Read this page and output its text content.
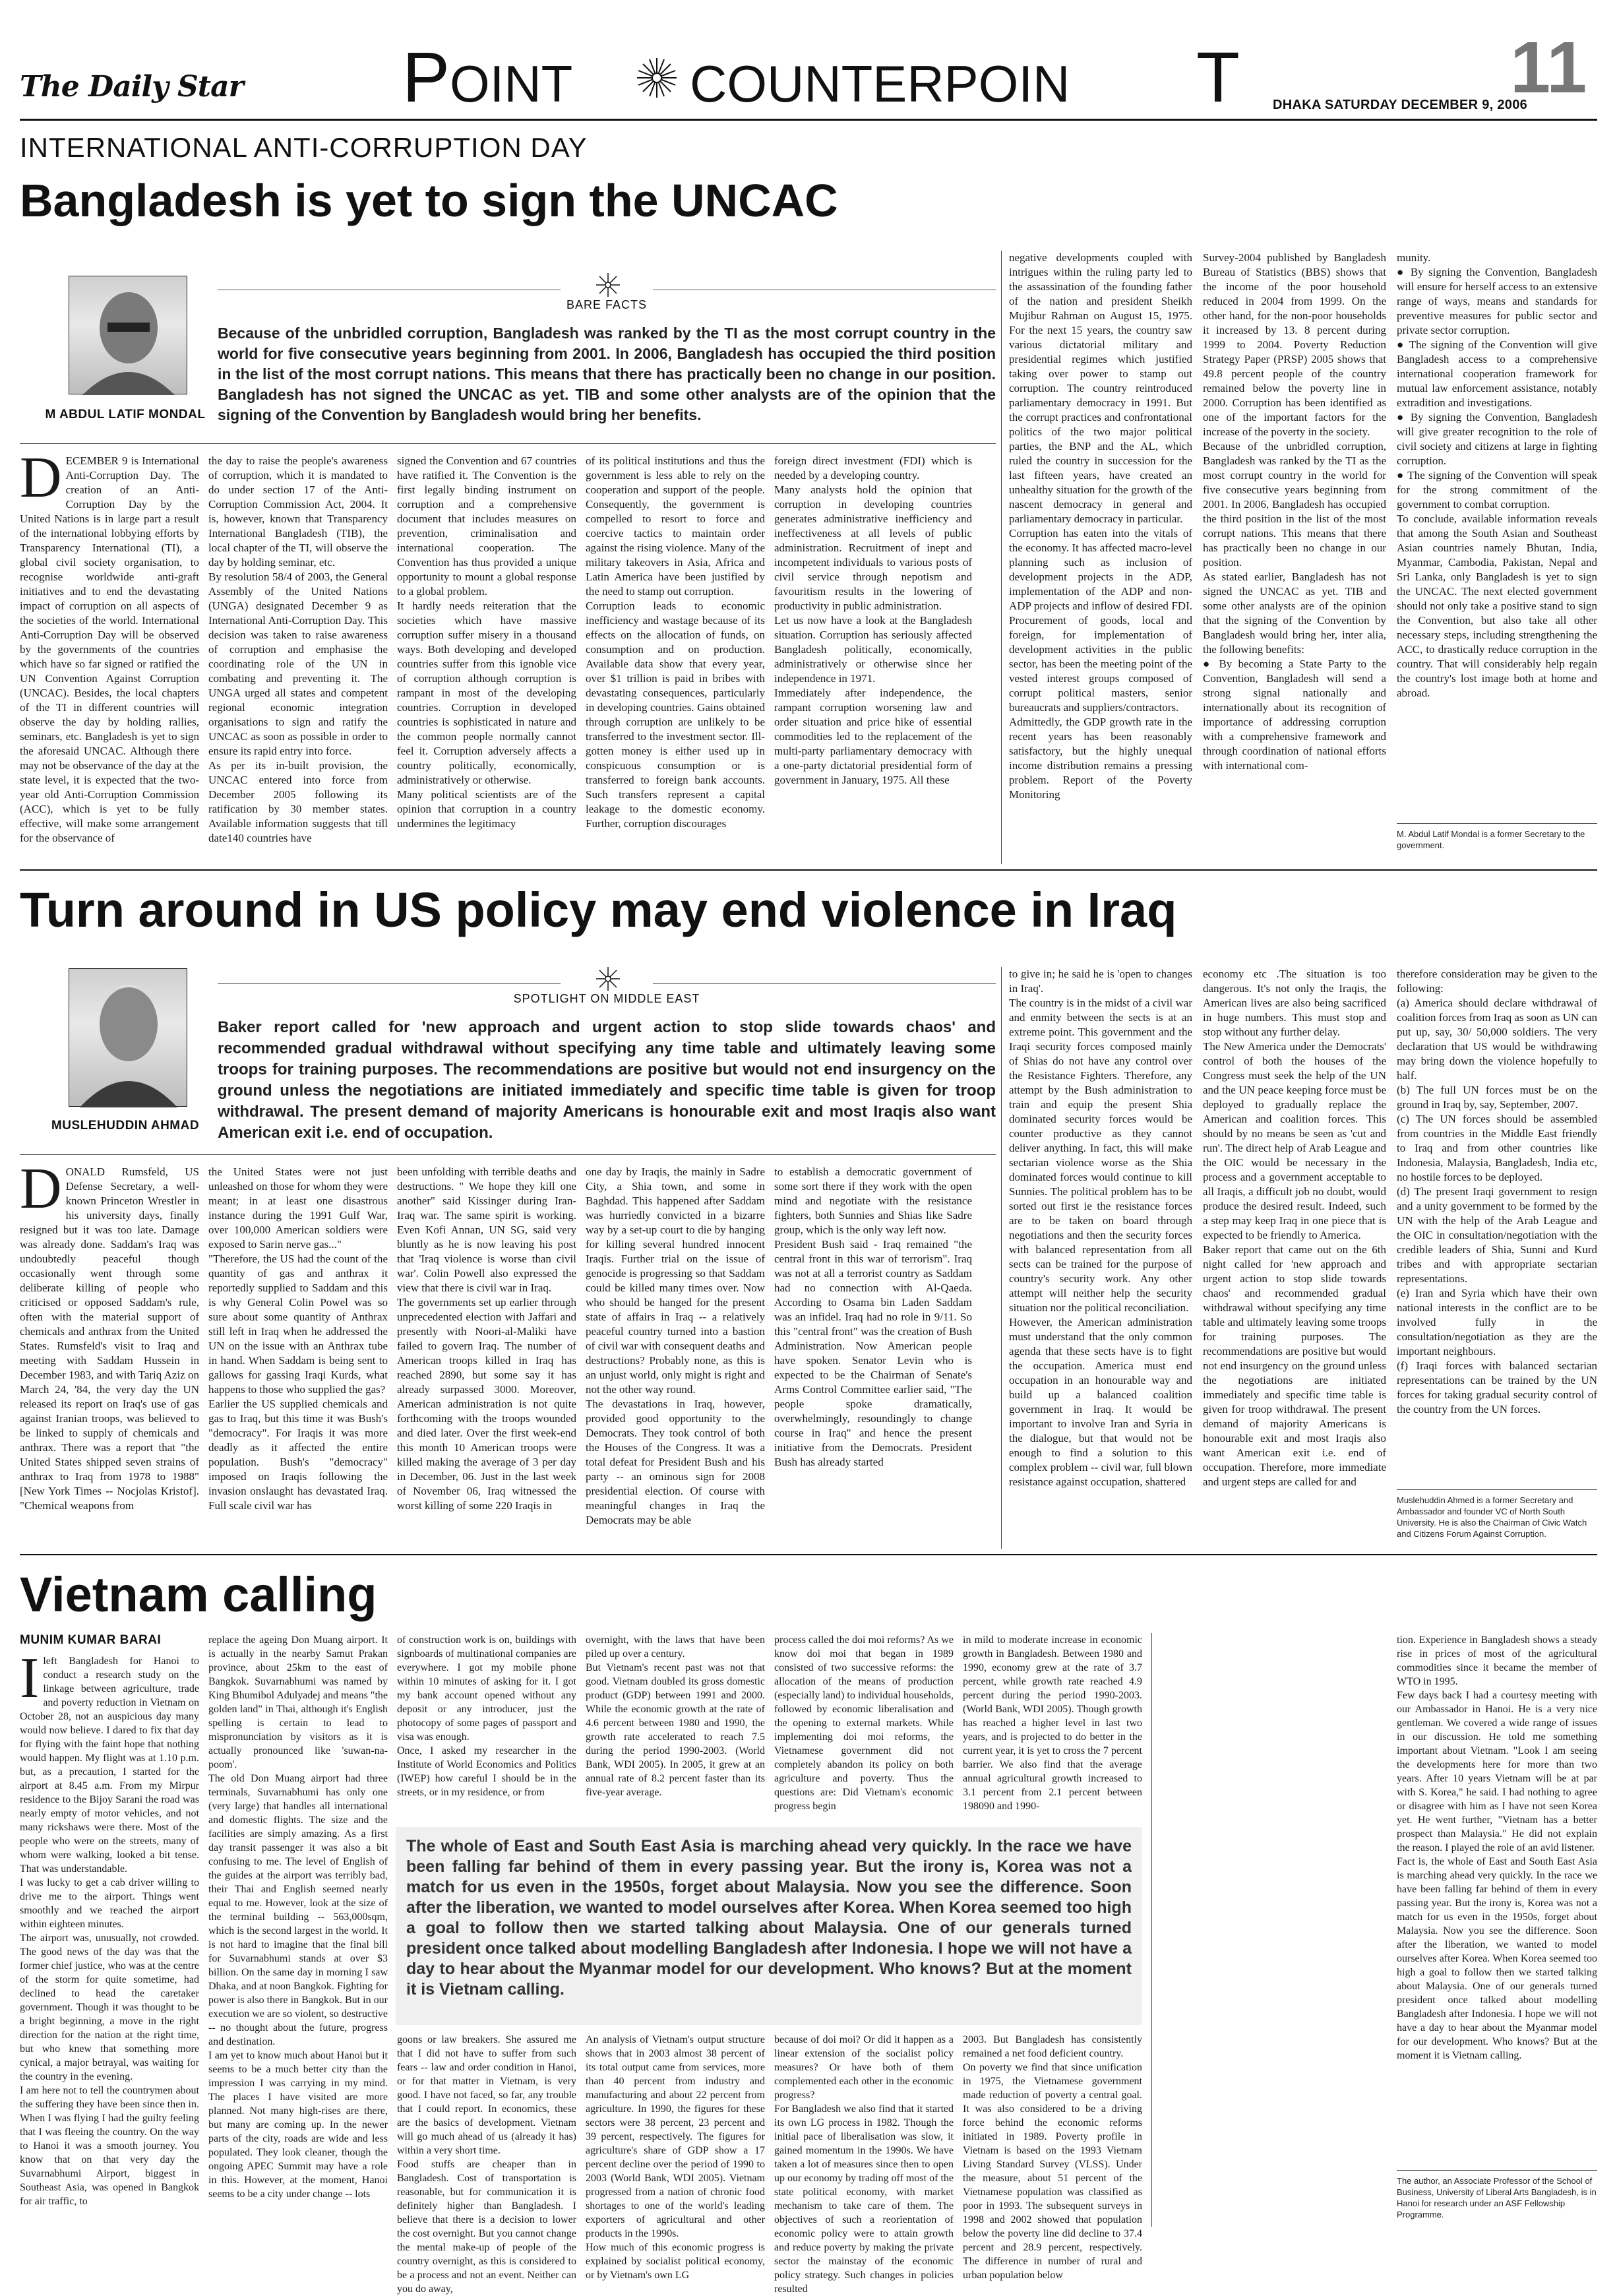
The Daily Star P OINT COUNTERPOIN T	DHAKA SATURDAY DECEMBER 9, 2006
11
INTERNATIONAL ANTI-CORRUPTION DAY
Bangladesh is yet to sign the UNCAC
M ABDUL LATIF MONDAL
BARE FACTS
Because of the unbridled corruption, Bangladesh was ranked by the TI as the most corrupt country in the world for five consecutive years beginning from 2001. In 2006, Bangladesh has occupied the third position in the list of the most corrupt nations. This means that there has practically been no change in our position. Bangladesh has not signed the UNCAC as yet. TIB and some other analysts are of the opinion that the signing of the Convention by Bangladesh would bring her benefits.
D ECEMBER 9 is International Anti-Corruption Day. The creation of an Anti-Corruption Day by the United Nations is in large part a result of the international lobbying efforts by Transparency International (TI), a global civil society organisation, to recognise worldwide anti-graft initiatives and to end the devastating impact of corruption on all aspects of the societies of the world. International Anti-Corruption Day will be observed by the governments of the countries which have so far signed or ratified the UN Convention Against Corruption (UNCAC). Besides, the local chapters of the TI in different countries will observe the day by holding rallies, seminars, etc. Bangladesh is yet to sign the aforesaid UNCAC. Although there may not be observance of the day at the state level, it is expected that the two-year old Anti-Corruption Commission (ACC), which is yet to be fully effective, will make some arrangement for the observance of
the day to raise the people's awareness of corruption, which it is mandated to do under section 17 of the Anti-Corruption Commission Act, 2004. It is, however, known that Transparency International Bangladesh (TIB), the local chapter of the TI, will observe the day by holding seminar, etc.
By resolution 58/4 of 2003, the General Assembly of the United Nations (UNGA) designated December 9 as International Anti-Corruption Day. This decision was taken to raise awareness of corruption and emphasise the coordinating role of the UN in combating and preventing it. The UNGA urged all states and competent regional economic integration organisations to sign and ratify the UNCAC as soon as possible in order to ensure its rapid entry into force.
As per its in-built provision, the UNCAC entered into force from December 2005 following its ratification by 30 member states. Available information suggests that till date140 countries have
signed the Convention and 67 countries have ratified it. The Convention is the first legally binding instrument on corruption and a comprehensive document that includes measures on prevention, criminalisation and international cooperation. The Convention has thus provided a unique opportunity to mount a global response to a global problem.
It hardly needs reiteration that the societies which have massive corruption suffer misery in a thousand ways. Both developing and developed countries suffer from this ignoble vice of corruption although corruption is rampant in most of the developing countries. Corruption in developed countries is sophisticated in nature and the common people normally cannot feel it. Corruption adversely affects a country politically, economically, administratively or otherwise.
Many political scientists are of the opinion that corruption in a country undermines the legitimacy
of its political institutions and thus the government is less able to rely on the cooperation and support of the people. Consequently, the government is compelled to resort to force and coercive tactics to maintain order against the rising violence. Many of the military takeovers in Asia, Africa and Latin America have been justified by the need to stamp out corruption.
Corruption leads to economic inefficiency and wastage because of its effects on the allocation of funds, on consumption and on production. Available data show that every year, over $1 trillion is paid in bribes with devastating consequences, particularly in developing countries. Gains obtained through corruption are unlikely to be transferred to the investment sector. Ill-gotten money is either used up in conspicuous consumption or is transferred to foreign bank accounts. Such transfers represent a capital leakage to the domestic economy. Further, corruption discourages
foreign direct investment (FDI) which is needed by a developing country.
Many analysts hold the opinion that corruption in developing countries generates administrative inefficiency and ineffectiveness at all levels of public administration. Recruitment of inept and incompetent individuals to various posts of civil service through nepotism and favouritism results in the lowering of productivity in public administration.
Let us now have a look at the Bangladesh situation. Corruption has seriously affected Bangladesh politically, economically, administratively or otherwise since her independence in 1971.
Immediately after independence, the rampant corruption worsening law and order situation and price hike of essential commodities led to the replacement of the multi-party parliamentary democracy with a one-party dictatorial presidential form of government in January, 1975. All these
negative developments coupled with intrigues within the ruling party led to the assassination of the founding father of the nation and president Sheikh Mujibur Rahman on August 15, 1975. For the next 15 years, the country saw various dictatorial military and presidential regimes which justified taking over power to stamp out corruption. The country reintroduced parliamentary democracy in 1991. But the corrupt practices and confrontational politics of the two major political parties, the BNP and the AL, which ruled the country in succession for the last fifteen years, have created an unhealthy situation for the growth of the nascent democracy in general and parliamentary democracy in particular.
Corruption has eaten into the vitals of the economy. It has affected macro-level planning such as inclusion of development projects in the ADP, implementation of the ADP and non-ADP projects and inflow of desired FDI. Procurement of goods, local and foreign, for implementation of development activities in the public sector, has been the meeting point of the vested interest groups composed of corrupt political masters, senior bureaucrats and suppliers/contractors.
Admittedly, the GDP growth rate in the recent years has been reasonably satisfactory, but the highly unequal income distribution remains a pressing problem. Report of the Poverty Monitoring
Survey-2004 published by Bangladesh Bureau of Statistics (BBS) shows that the income of the poor household reduced in 2004 from 1999. On the other hand, for the non-poor households it increased by 13. 8 percent during 1999 to 2004. Poverty Reduction Strategy Paper (PRSP) 2005 shows that 49.8 percent people of the country remained below the poverty line in 2000. Corruption has been identified as one of the important factors for the increase of the poverty in the society.
Because of the unbridled corruption, Bangladesh was ranked by the TI as the most corrupt country in the world for five consecutive years beginning from 2001. In 2006, Bangladesh has occupied the third position in the list of the most corrupt nations. This means that there has practically been no change in our position.
As stated earlier, Bangladesh has not signed the UNCAC as yet. TIB and some other analysts are of the opinion that the signing of the Convention by Bangladesh would bring her, inter alia, the following benefits:
● By becoming a State Party to the Convention, Bangladesh will send a strong signal nationally and internationally about its recognition of importance of addressing corruption with a comprehensive framework and through coordination of national efforts with international com-
munity.
● By signing the Convention, Bangladesh will ensure for herself access to an extensive range of ways, means and standards for preventive measures for public sector and private sector corruption.
● The signing of the Convention will give Bangladesh access to a comprehensive international cooperation framework for mutual law enforcement assistance, notably extradition and investigations.
● By signing the Convention, Bangladesh will give greater recognition to the role of civil society and citizens at large in fighting corruption.
● The signing of the Convention will speak for the strong commitment of the government to combat corruption.
To conclude, available information reveals that among the South Asian and Southeast Asian countries namely Bhutan, India, Myanmar, Cambodia, Pakistan, Nepal and Sri Lanka, only Bangladesh is yet to sign the UNCAC. The next elected government should not only take a positive stand to sign the Convention, but also take all other necessary steps, including strengthening the ACC, to drastically reduce corruption in the country. That will considerably help regain the country's lost image both at home and abroad.
M. Abdul Latif Mondal is a former Secretary to the government.
Turn around in US policy may end violence in Iraq
MUSLEHUDDIN AHMAD
SPOTLIGHT ON MIDDLE EAST
Baker report called for 'new approach and urgent action to stop slide towards chaos' and recommended gradual withdrawal without specifying any time table and ultimately leaving some troops for training purposes. The recommendations are positive but would not end insurgency on the ground unless the negotiations are initiated immediately and specific time table is given for troop withdrawal. The present demand of majority Americans is honourable exit and most Iraqis also want American exit i.e. end of occupation.
D ONALD Rumsfeld, US Defense Secretary, a well-known Princeton Wrestler in his university days, finally resigned but it was too late. Damage was already done. Saddam's Iraq was undoubtedly peaceful though occasionally went through some deliberate killing of people who criticised or opposed Saddam's rule, often with the material support of chemicals and anthrax from the United States. Rumsfeld's visit to Iraq and meeting with Saddam Hussein in December 1983, and with Tariq Aziz on March 24, '84, the very day the UN released its report on Iraq's use of gas against Iranian troops, was believed to be linked to supply of chemicals and anthrax. There was a report that "the United States shipped seven strains of anthrax to Iraq from 1978 to 1988" [New York Times -- Nocjolas Kristof]. "Chemical weapons from
the United States were not just unleashed on those for whom they were meant; in at least one disastrous instance during the 1991 Gulf War, over 100,000 American soldiers were exposed to Sarin nerve gas..."
"Therefore, the US had the count of the quantity of gas and anthrax it reportedly supplied to Saddam and this is why General Colin Powel was so sure about some quantity of Anthrax still left in Iraq when he addressed the UN on the issue with an Anthrax tube in hand. When Saddam is being sent to gallows for gassing Iraqi Kurds, what happens to those who supplied the gas?
Earlier the US supplied chemicals and gas to Iraq, but this time it was Bush's "democracy". For Iraqis it was more deadly as it affected the entire population. Bush's "democracy" imposed on Iraqis following the invasion onslaught has devastated Iraq. Full scale civil war has
been unfolding with terrible deaths and destructions. " We hope they kill one another" said Kissinger during Iran-Iraq war. The same spirit is working. Even Kofi Annan, UN SG, said very bluntly as he is now leaving his post that 'Iraq violence is worse than civil war'. Colin Powell also expressed the view that there is civil war in Iraq.
The governments set up earlier through unprecedented election with Jaffari and presently with Noori-al-Maliki have failed to govern Iraq. The number of American troops killed in Iraq has reached 2890, but some say it has already surpassed 3000. Moreover, American administration is not quite forthcoming with the troops wounded and died later. Over the first week-end this month 10 American troops were killed making the average of 3 per day in December, 06. Just in the last week of November 06, Iraq witnessed the worst killing of some 220 Iraqis in
one day by Iraqis, the mainly in Sadre City, a Shia town, and some in Baghdad. This happened after Saddam was hurriedly convicted in a bizarre way by a set-up court to die by hanging for killing several hundred innocent Iraqis. Further trial on the issue of genocide is progressing so that Saddam could be killed many times over. Now who should be hanged for the present state of affairs in Iraq -- a relatively peaceful country turned into a bastion of civil war with consequent deaths and destructions? Probably none, as this is an unjust world, only might is right and not the other way round.
The devastations in Iraq, however, provided good opportunity to the Democrats. They took control of both the Houses of the Congress. It was a total defeat for President Bush and his party -- an ominous sign for 2008 presidential election. Of course with meaningful changes in Iraq the Democrats may be able
to establish a democratic government of some sort there if they work with the open mind and negotiate with the resistance fighters, both Sunnies and Shias like Sadre group, which is the only way left now.
President Bush said - Iraq remained "the central front in this war of terrorism". Iraq was not at all a terrorist country as Saddam had no connection with Al-Qaeda. According to Osama bin Laden Saddam was an infidel. Iraq had no role in 9/11. So this "central front" was the creation of Bush Administration. Now American people have spoken. Senator Levin who is expected to be the Chairman of Senate's Arms Control Committee earlier said, "The people spoke dramatically, overwhelmingly, resoundingly to change course in Iraq" and hence the present initiative from the Democrats. President Bush has already started
to give in; he said he is 'open to changes in Iraq'.
The country is in the midst of a civil war and enmity between the sects is at an extreme point. This government and the Iraqi security forces composed mainly of Shias do not have any control over the Resistance Fighters. Therefore, any attempt by the Bush administration to train and equip the present Shia dominated security forces would be counter productive as they cannot deliver anything. In fact, this will make sectarian violence worse as the Shia dominated forces would continue to kill Sunnies. The political problem has to be sorted out first ie the resistance forces are to be taken on board through negotiations and then the security forces with balanced representation from all sects can be trained for the purpose of country's security work. Any other attempt will neither help the security situation nor the political reconciliation.
However, the American administration must understand that the only common agenda that these sects have is to fight the occupation. America must end occupation in an honourable way and build up a balanced coalition government in Iraq. It would be important to involve Iran and Syria in the dialogue, but that would not be enough to find a solution to this complex problem -- civil war, full blown resistance against occupation, shattered
economy etc .The situation is too dangerous. It's not only the Iraqis, the American lives are also being sacrificed in huge numbers. This must stop and stop without any further delay.
The New America under the Democrats' control of both the houses of the Congress must seek the help of the UN and the UN peace keeping force must be deployed to gradually replace the American and coalition forces. This should by no means be seen as 'cut and run'. The direct help of Arab League and the OIC would be necessary in the process and a government acceptable to all Iraqis, a difficult job no doubt, would produce the desired result. Indeed, such a step may keep Iraq in one piece that is expected to be friendly to America.
Baker report that came out on the 6th night called for 'new approach and urgent action to stop slide towards chaos' and recommended gradual withdrawal without specifying any time table and ultimately leaving some troops for training purposes. The recommendations are positive but would not end insurgency on the ground unless the negotiations are initiated immediately and specific time table is given for troop withdrawal. The present demand of majority Americans is honourable exit and most Iraqis also want American exit i.e. end of occupation. Therefore, more immediate and urgent steps are called for and
therefore consideration may be given to the following:
(a) America should declare withdrawal of coalition forces from Iraq as soon as UN can put up, say, 30/ 50,000 soldiers. The very declaration that US would be withdrawing may bring down the violence hopefully to half.
(b) The full UN forces must be on the ground in Iraq by, say, September, 2007.
(c) The UN forces should be assembled from countries in the Middle East friendly to Iraq and from other countries like Indonesia, Malaysia, Bangladesh, India etc, no hostile forces to be deployed.
(d) The present Iraqi government to resign and a unity government to be formed by the UN with the help of the Arab League and the OIC in consultation/negotiation with the credible leaders of Shia, Sunni and Kurd tribes and with appropriate sectarian representations.
(e) Iran and Syria which have their own national interests in the conflict are to be involved fully in the consultation/negotiation as they are the important neighbours.
(f) Iraqi forces with balanced sectarian representations can be trained by the UN forces for taking gradual security control of the country from the UN forces.
Muslehuddin Ahmed is a former Secretary and Ambassador and founder VC of North South University. He is also the Chairman of Civic Watch and Citizens Forum Against Corruption.
Vietnam calling
MUNIM KUMAR BARAI
I left Bangladesh for Hanoi to conduct a research study on the linkage between agriculture, trade and poverty reduction in Vietnam on October 28, not an auspicious day many would now believe. I dared to fix that day for flying with the faint hope that nothing would happen. My flight was at 1.10 p.m. but, as a precaution, I started for the airport at 8.45 a.m. From my Mirpur residence to the Bijoy Sarani the road was nearly empty of motor vehicles, and not many rickshaws were there. Most of the people who were on the streets, many of whom were walking, looked a bit tense. That was understandable.
I was lucky to get a cab driver willing to drive me to the airport. Things went smoothly and we reached the airport within eighteen minutes.
The airport was, unusually, not crowded. The good news of the day was that the former chief justice, who was at the centre of the storm for quite sometime, had declined to head the caretaker government. Though it was thought to be a bright beginning, a move in the right direction for the nation at the right time, but who knew that something more cynical, a major betrayal, was waiting for the country in the evening.
I am here not to tell the countrymen about the suffering they have been since then in. When I was flying I had the guilty feeling that I was fleeing the country. On the way to Hanoi it was a smooth journey. You know that on that very day the Suvarnabhumi Airport, biggest in Southeast Asia, was opened in Bangkok for air traffic, to
replace the ageing Don Muang airport. It is actually in the nearby Samut Prakan province, about 25km to the east of Bangkok. Suvarnabhumi was named by King Bhumibol Adulyadej and means "the golden land" in Thai, although it's English spelling is certain to lead to mispronunciation by visitors as it is actually pronounced like 'suwan-na-poom'.
The old Don Muang airport had three terminals, Suvarnabhumi has only one (very large) that handles all international and domestic flights. The size and the facilities are simply amazing. As a first day transit passenger it was also a bit confusing to me. The level of English of the guides at the airport was terribly bad, their Thai and English seemed nearly equal to me. However, look at the size of the terminal building -- 563,000sqm, which is the second largest in the world. It is not hard to imagine that the final bill for Suvarnabhumi stands at over $3 billion. On the same day in morning I saw Dhaka, and at noon Bangkok. Fighting for power is also there in Bangkok. But in our execution we are so violent, so destructive -- no thought about the future, progress and destination.
I am yet to know much about Hanoi but it seems to be a much better city than the impression I was carrying in my mind. The places I have visited are more planned. Not many high-rises are there, but many are coming up. In the newer parts of the city, roads are wide and less populated. They look cleaner, though the ongoing APEC Summit may have a role in this. However, at the moment, Hanoi seems to be a city under change -- lots
of construction work is on, buildings with signboards of multinational companies are everywhere. I got my mobile phone within 10 minutes of asking for it. I got my bank account opened without any deposit or any introducer, just the photocopy of some pages of passport and visa was enough.
Once, I asked my researcher in the Institute of World Economics and Politics (IWEP) how careful I should be in the streets, or in my residence, or from
overnight, with the laws that have been piled up over a century.
But Vietnam's recent past was not that good. Vietnam doubled its gross domestic product (GDP) between 1991 and 2000. While the economic growth at the rate of 4.6 percent between 1980 and 1990, the growth rate accelerated to reach 7.5 during the period 1990-2003. (World Bank, WDI 2005). In 2005, it grew at an annual rate of 8.2 percent faster than its five-year average.
process called the doi moi reforms? As we know doi moi that began in 1989 consisted of two successive reforms: the allocation of the means of production (especially land) to individual households, followed by economic liberalisation and the opening to external markets. While implementing doi moi reforms, the Vietnamese government did not completely abandon its policy on both agriculture and poverty. Thus the questions are: Did Vietnam's economic progress begin
in mild to moderate increase in economic growth in Bangladesh. Between 1980 and 1990, economy grew at the rate of 3.7 percent, while growth rate reached 4.9 percent during the period 1990-2003. (World Bank, WDI 2005). Though growth has reached a higher level in last two years, and is projected to do better in the current year, it is yet to cross the 7 percent barrier. We also find that the average annual agricultural growth increased to 3.1 percent from 2.1 percent between 198090 and 1990-
The whole of East and South East Asia is marching ahead very quickly. In the race we have been falling far behind of them in every passing year. But the irony is, Korea was not a match for us even in the 1950s, forget about Malaysia. Now you see the difference. Soon after the liberation, we wanted to model ourselves after Korea. When Korea seemed too high a goal to follow then we started talking about Malaysia. One of our generals turned president once talked about modelling Bangladesh after Indonesia. I hope we will not have a day to hear about the Myanmar model for our development. Who knows? But at the moment it is Vietnam calling.
goons or law breakers. She assured me that I did not have to suffer from such fears -- law and order condition in Hanoi, or for that matter in Vietnam, is very good. I have not faced, so far, any trouble that I could report. In economics, these are the basics of development. Vietnam will go much ahead of us (already it has) within a very short time.
Food stuffs are cheaper than in Bangladesh. Cost of transportation is reasonable, but for communication it is definitely higher than Bangladesh. I believe that there is a decision to lower the cost overnight. But you cannot change the mental make-up of people of the country overnight, as this is considered to be a process and not an event. Neither can you do away,
An analysis of Vietnam's output structure shows that in 2003 almost 38 percent of its total output came from services, more than 40 percent from industry and manufacturing and about 22 percent from agriculture. In 1990, the figures for these sectors were 38 percent, 23 percent and 39 percent, respectively. The figures for agriculture's share of GDP show a 17 percent decline over the period of 1990 to 2003 (World Bank, WDI 2005). Vietnam progressed from a nation of chronic food shortages to one of the world's leading exporters of agricultural and other products in the 1990s.
How much of this economic progress is explained by socialist political economy, or by Vietnam's own LG
because of doi moi? Or did it happen as a linear extension of the socialist policy measures? Or have both of them complemented each other in the economic progress?
For Bangladesh we also find that it started its own LG process in 1982. Though the initial pace of liberalisation was slow, it gained momentum in the 1990s. We have taken a lot of measures since then to open up our economy by trading off most of the state political economy, with market mechanism to take care of them. The objectives of such a reorientation of economic policy were to attain growth and reduce poverty by making the private sector the mainstay of the economic policy strategy. Such changes in policies resulted
2003. But Bangladesh has consistently remained a net food deficient country.
On poverty we find that since unification in 1975, the Vietnamese government made reduction of poverty a central goal. It was also considered to be a driving force behind the economic reforms initiated in 1989. Poverty profile in Vietnam is based on the 1993 Vietnam Living Standard Survey (VLSS). Under the measure, about 51 percent of the Vietnamese population was classified as poor in 1993. The subsequent surveys in 1998 and 2002 showed that population below the poverty line did decline to 37.4 percent and 28.9 percent, respectively. The difference in number of rural and urban population below
tion. Experience in Bangladesh shows a steady rise in prices of most of the agricultural commodities since it became the member of WTO in 1995.
Few days back I had a courtesy meeting with our Ambassador in Hanoi. He is a very nice gentleman. We covered a wide range of issues in our discussion. He told me something important about Vietnam. "Look I am seeing the developments here for more than two years. After 10 years Vietnam will be at par with S. Korea," he said. I had nothing to agree or disagree with him as I have not seen Korea yet. He went further, "Vietnam has a better prospect than Malaysia." He did not explain the reason. I played the role of an avid listener.
Fact is, the whole of East and South East Asia is marching ahead very quickly. In the race we have been falling far behind of them in every passing year. But the irony is, Korea was not a match for us even in the 1950s, forget about Malaysia. Now you see the difference. Soon after the liberation, we wanted to model ourselves after Korea. When Korea seemed too high a goal to follow then we started talking about Malaysia. One of our generals turned president once talked about modelling Bangladesh after Indonesia. I hope we will not have a day to hear about the Myanmar model for our development. Who knows? But at the moment it is Vietnam calling.
The author, an Associate Professor of the School of Business, University of Liberal Arts Bangladesh, is in Hanoi for research under an ASF Fellowship Programme.
